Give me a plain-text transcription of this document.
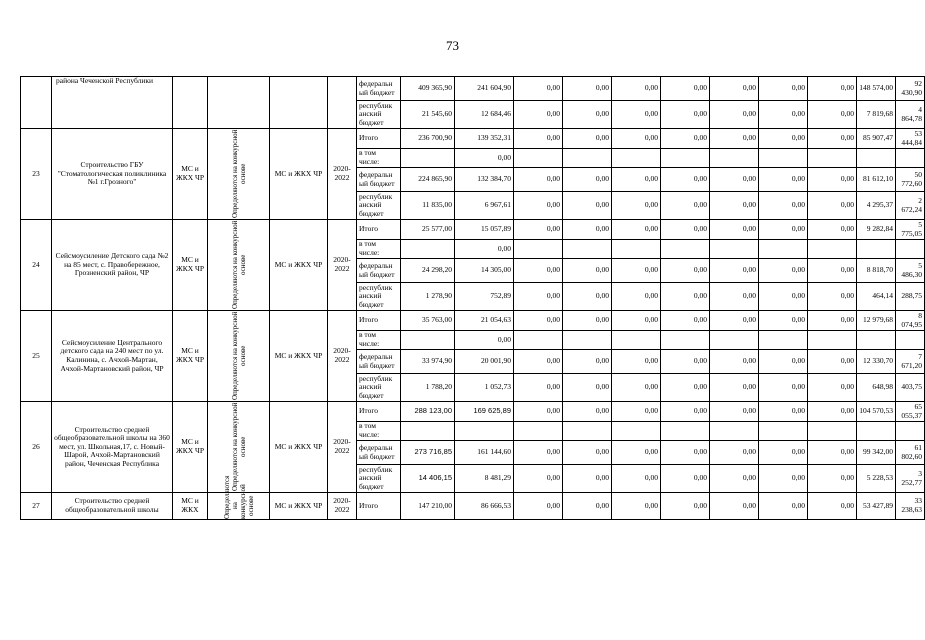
73
	района Чеченской Республики					федеральн ый бюджет	409 365,90	241 604,90	0,00	0,00	0,00	0,00	0,00	0,00	0,00	148 574,00	92 430,90
						республик анский бюджет	21 545,60	12 684,46	0,00	0,00	0,00	0,00	0,00	0,00	0,00	7 819,68	4 864,78
23	Строительство ГБУ "Стоматологическая поликлиника №1 г.Грозного"	МС и ЖКХ ЧР	Определяются на конкурсной основе	МС и ЖКХ ЧР	2020-2022	Итого	236 700,90	139 352,31	0,00	0,00	0,00	0,00	0,00	0,00	0,00	85 907,47	53 444,84
						в том числе:		0,00									
						федеральн ый бюджет	224 865,90	132 384,70	0,00	0,00	0,00	0,00	0,00	0,00	0,00	81 612,10	50 772,60
						республик анский бюджет	11 835,00	6 967,61	0,00	0,00	0,00	0,00	0,00	0,00	0,00	4 295,37	2 672,24
24	Сейсмоусиление Детского сада №2 на 85 мест, с. Правобережное, Грозненский район, ЧР	МС и ЖКХ ЧР	Определяются на конкурсной основе	МС и ЖКХ ЧР	2020-2022	Итого	25 577,00	15 057,89	0,00	0,00	0,00	0,00	0,00	0,00	0,00	9 282,84	5 775,05
						в том числе:		0,00									
						федеральн ый бюджет	24 298,20	14 305,00	0,00	0,00	0,00	0,00	0,00	0,00	0,00	8 818,70	5 486,30
						республик анский бюджет	1 278,90	752,89	0,00	0,00	0,00	0,00	0,00	0,00	0,00	464,14	288,75
25	Сейсмоусиление Центрального детского сада на 240 мест по ул. Калинина, с. Ачхой-Мартан, Ачхой-Мартановский район, ЧР	МС и ЖКХ ЧР	Определяются на конкурсной основе	МС и ЖКХ ЧР	2020-2022	Итого	35 763,00	21 054,63	0,00	0,00	0,00	0,00	0,00	0,00	0,00	12 979,68	8 074,95
						в том числе:		0,00									
						федеральн ый бюджет	33 974,90	20 001,90	0,00	0,00	0,00	0,00	0,00	0,00	0,00	12 330,70	7 671,20
						республик анский бюджет	1 788,20	1 052,73	0,00	0,00	0,00	0,00	0,00	0,00	0,00	648,98	403,75
26	Строительство средней общеобразовательной школы на 360 мест, ул. Школьная,17, с. Новый-Шарой, Ачхой-Мартановский район, Чеченская Республика	МС и ЖКХ ЧР	Определяются на конкурсной основе	МС и ЖКХ ЧР	2020-2022	Итого	288 123,00	169 625,89	0,00	0,00	0,00	0,00	0,00	0,00	0,00	104 570,53	65 055,37
						в том числе:											
						федеральн ый бюджет	273 716,85	161 144,60	0,00	0,00	0,00	0,00	0,00	0,00	0,00	99 342,00	61 802,60
						республик анский бюджет	14 406,15	8 481,29	0,00	0,00	0,00	0,00	0,00	0,00	0,00	5 228,53	3 252,77
27	Строительство средней общеобразовательной школы	МС и ЖКХ	Определяются на конкурсной основе	МС и ЖКХ ЧР	2020-2022	Итого	147 210,00	86 666,53	0,00	0,00	0,00	0,00	0,00	0,00	0,00	53 427,89	33 238,63
